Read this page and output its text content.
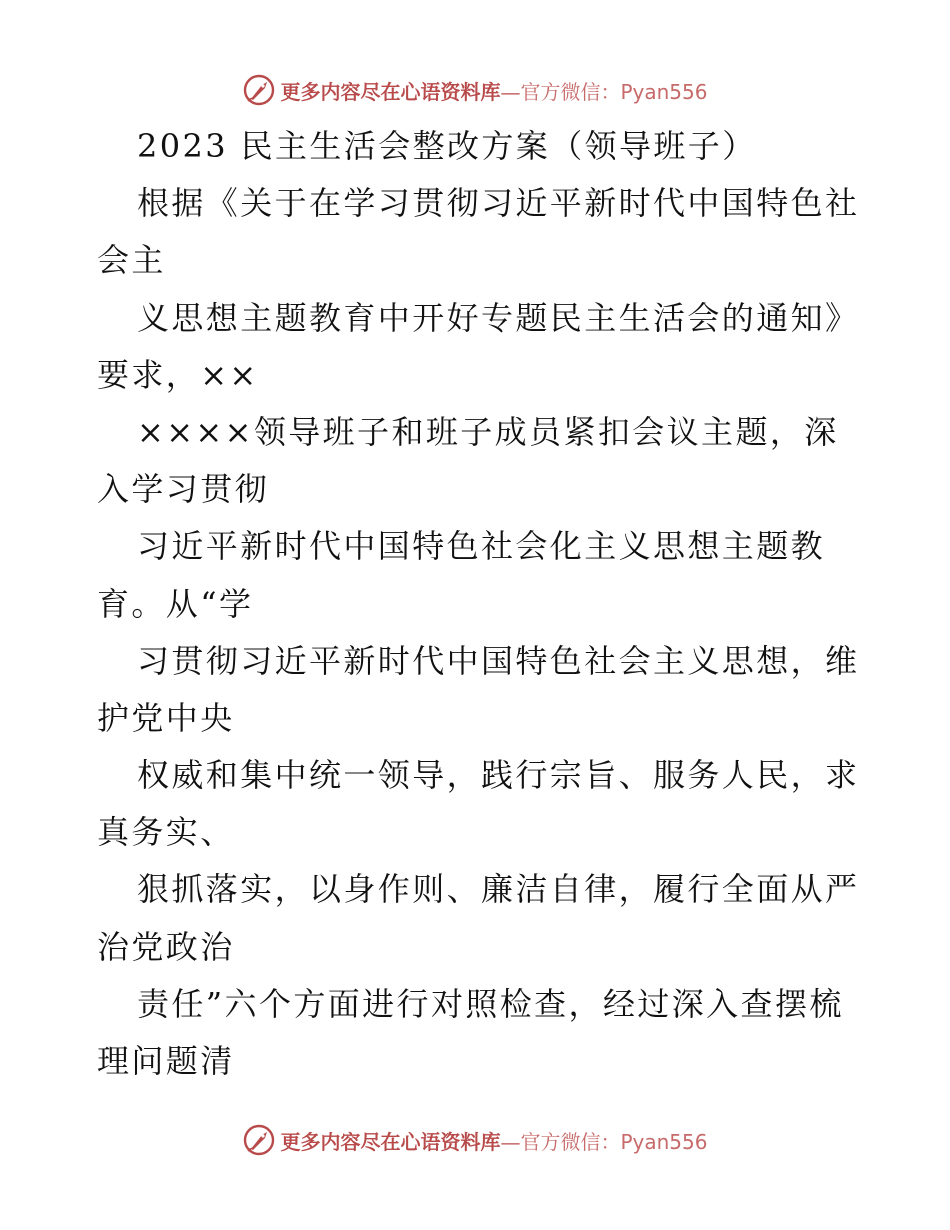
更多内容尽在心语资料库—官方微信：Pyan556
2023 民主生活会整改方案（领导班子）
根据《关于在学习贯彻习近平新时代中国特色社
会主
义思想主题教育中开好专题民主生活会的通知》
要求，××
××××领导班子和班子成员紧扣会议主题，深
入学习贯彻
习近平新时代中国特色社会化主义思想主题教
育。从“学
习贯彻习近平新时代中国特色社会主义思想，维
护党中央
权威和集中统一领导，践行宗旨、服务人民，求
真务实、
狠抓落实，以身作则、廉洁自律，履行全面从严
治党政治
责任”六个方面进行对照检查，经过深入查摆梳
理问题清
更多内容尽在心语资料库—官方微信：Pyan556
